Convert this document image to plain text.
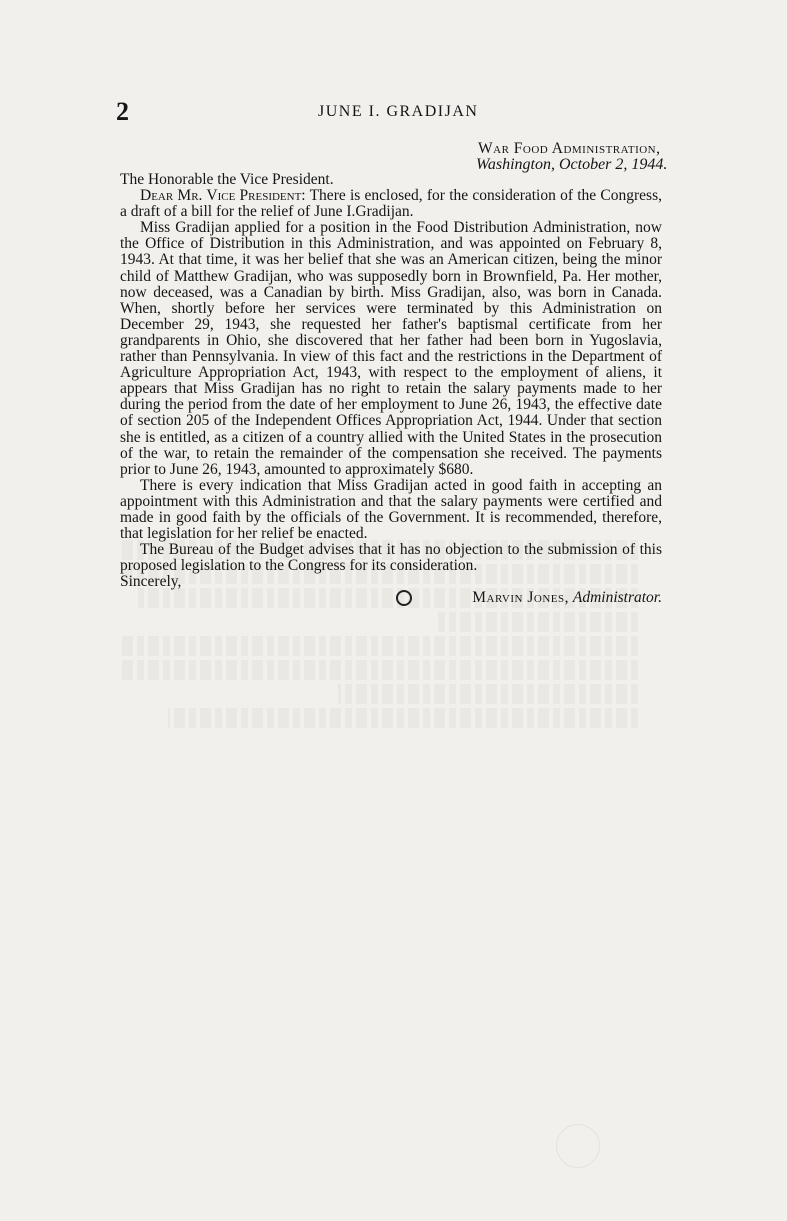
2	JUNE I. GRADIJAN
War Food Administration,
Washington, October 2, 1944.

The Honorable the Vice President.

Dear Mr. Vice President: There is enclosed, for the consideration of the Congress, a draft of a bill for the relief of June I.Gradijan.

Miss Gradijan applied for a position in the Food Distribution Administration, now the Office of Distribution in this Administration, and was appointed on February 8, 1943. At that time, it was her belief that she was an American citizen, being the minor child of Matthew Gradijan, who was supposedly born in Brownfield, Pa. Her mother, now deceased, was a Canadian by birth. Miss Gradijan, also, was born in Canada. When, shortly before her services were terminated by this Administration on December 29, 1943, she requested her father's baptismal certificate from her grandparents in Ohio, she discovered that her father had been born in Yugoslavia, rather than Pennsylvania. In view of this fact and the restrictions in the Department of Agriculture Appropriation Act, 1943, with respect to the employment of aliens, it appears that Miss Gradijan has no right to retain the salary payments made to her during the period from the date of her employment to June 26, 1943, the effective date of section 205 of the Independent Offices Appropriation Act, 1944. Under that section she is entitled, as a citizen of a country allied with the United States in the prosecution of the war, to retain the remainder of the compensation she received. The payments prior to June 26, 1943, amounted to approximately $680.

There is every indication that Miss Gradijan acted in good faith in accepting an appointment with this Administration and that the salary payments were certified and made in good faith by the officials of the Government. It is recommended, therefore, that legislation for her relief be enacted.

The Bureau of the Budget advises that it has no objection to the submission of this proposed legislation to the Congress for its consideration.

Sincerely,

Marvin Jones, Administrator.
